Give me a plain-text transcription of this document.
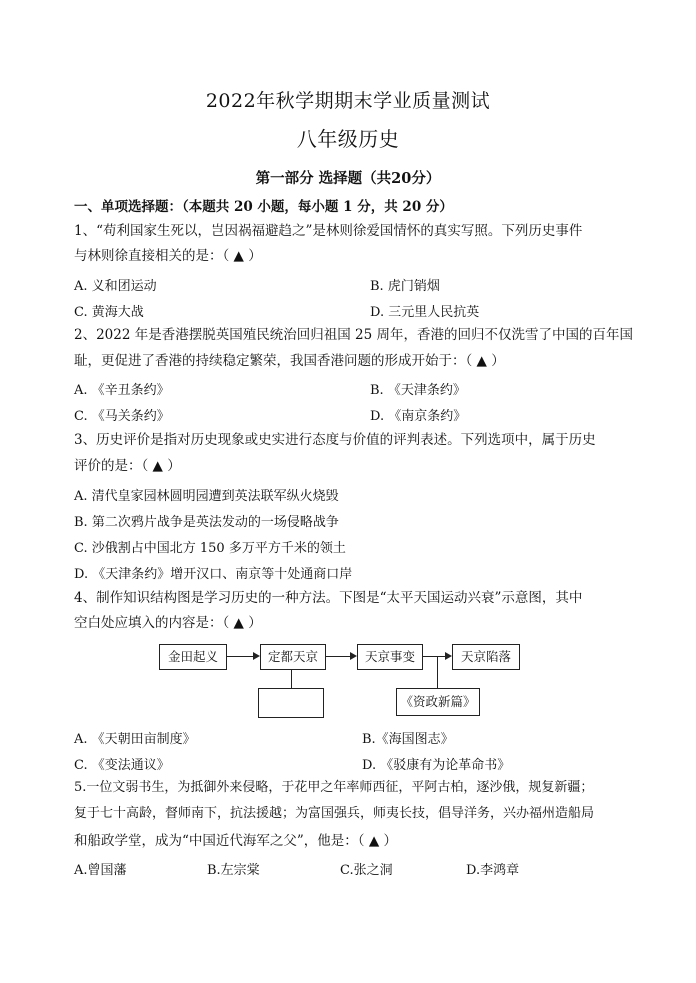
2022年秋学期期末学业质量测试
八年级历史
第一部分 选择题（共20分）
一、单项选择题：（本题共 20 小题，每小题 1 分，共 20 分）
1、“苟利国家生死以，岂因祸福避趋之”是林则徐爱国情怀的真实写照。下列历史事件
与林则徐直接相关的是：（ ▲ ）
A. 义和团运动	B. 虎门销烟
C. 黄海大战	D. 三元里人民抗英
2、2022 年是香港摆脱英国殖民统治回归祖国 25 周年，香港的回归不仅洗雪了中国的百年国
耻，更促进了香港的持续稳定繁荣，我国香港问题的形成开始于：（ ▲ ）
A. 《辛丑条约》	B. 《天津条约》
C. 《马关条约》	D. 《南京条约》
3、历史评价是指对历史现象或史实进行态度与价值的评判表述。下列选项中，属于历史
评价的是：（ ▲ ）
A. 清代皇家园林圆明园遭到英法联军纵火烧毁
B. 第二次鸦片战争是英法发动的一场侵略战争
C. 沙俄割占中国北方 150 多万平方千米的领土
D. 《天津条约》增开汉口、南京等十处通商口岸
4、制作知识结构图是学习历史的一种方法。下图是“太平天国运动兴衰”示意图，其中
空白处应填入的内容是：（ ▲ ）
金田起义	定都天京	天京事变	天京陷落
《资政新篇》
A. 《天朝田亩制度》	B.《海国图志》
C. 《变法通议》	D. 《驳康有为论革命书》
5.一位文弱书生，为抵御外来侵略，于花甲之年率师西征，平阿古柏，逐沙俄，规复新疆；
复于七十高龄，督师南下，抗法援越；为富国强兵，师夷长技，倡导洋务，兴办福州造船局
和船政学堂，成为“中国近代海军之父”，他是：（ ▲ ）
A.曾国藩	B.左宗棠	C.张之洞	D.李鸿章
